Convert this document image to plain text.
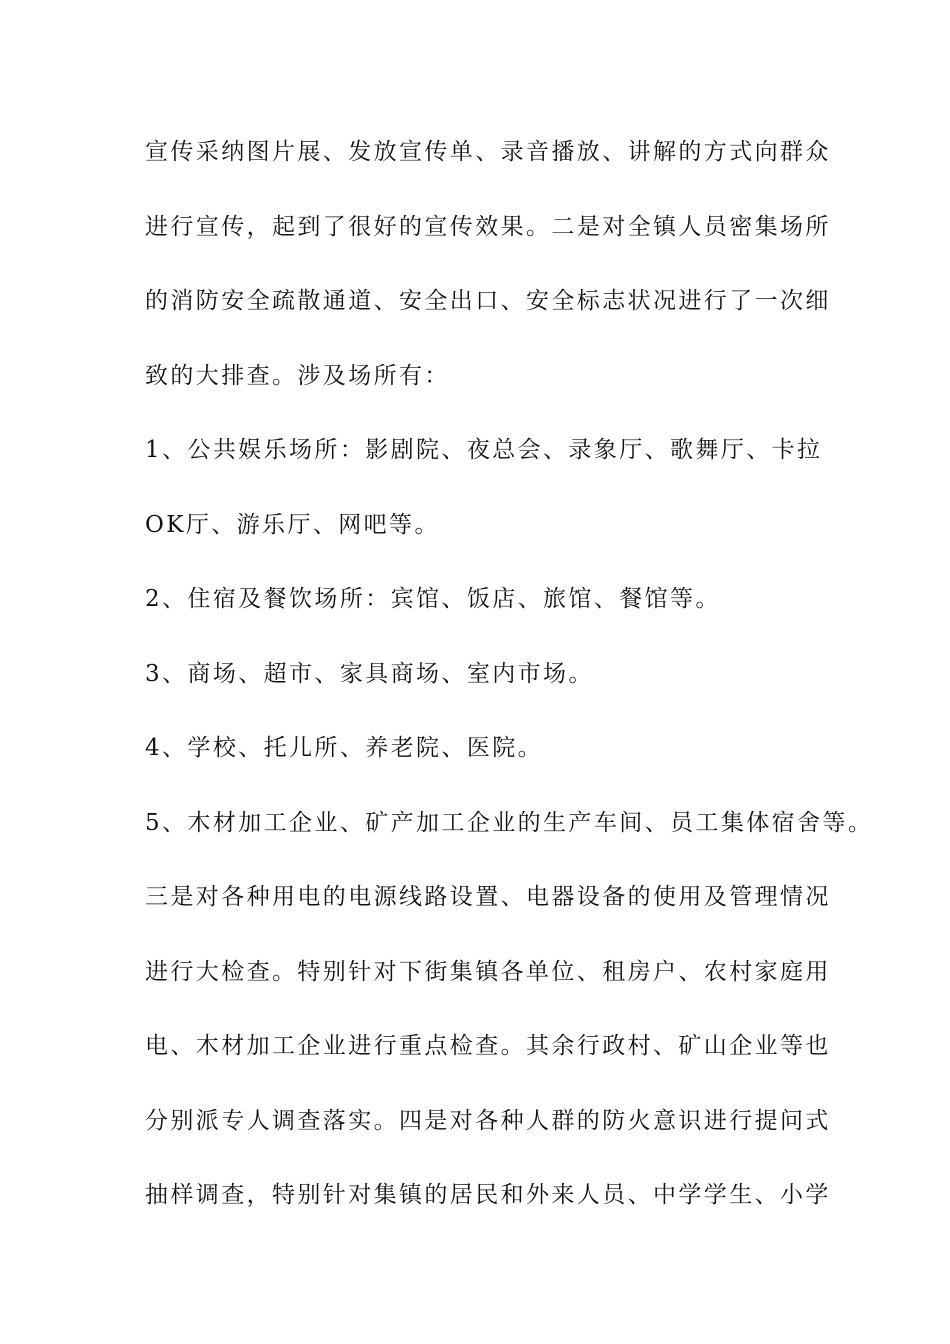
宣传采纳图片展、发放宣传单、录音播放、讲解的方式向群众
进行宣传，起到了很好的宣传效果。二是对全镇人员密集场所
的消防安全疏散通道、安全出口、安全标志状况进行了一次细
致的大排查。涉及场所有：
1、公共娱乐场所：影剧院、夜总会、录象厅、歌舞厅、卡拉
OK厅、游乐厅、网吧等。
2、住宿及餐饮场所：宾馆、饭店、旅馆、餐馆等。
3、商场、超市、家具商场、室内市场。
4、学校、托儿所、养老院、医院。
5、木材加工企业、矿产加工企业的生产车间、员工集体宿舍等。
三是对各种用电的电源线路设置、电器设备的使用及管理情况
进行大检查。特别针对下街集镇各单位、租房户、农村家庭用
电、木材加工企业进行重点检查。其余行政村、矿山企业等也
分别派专人调查落实。四是对各种人群的防火意识进行提问式
抽样调查，特别针对集镇的居民和外来人员、中学学生、小学
